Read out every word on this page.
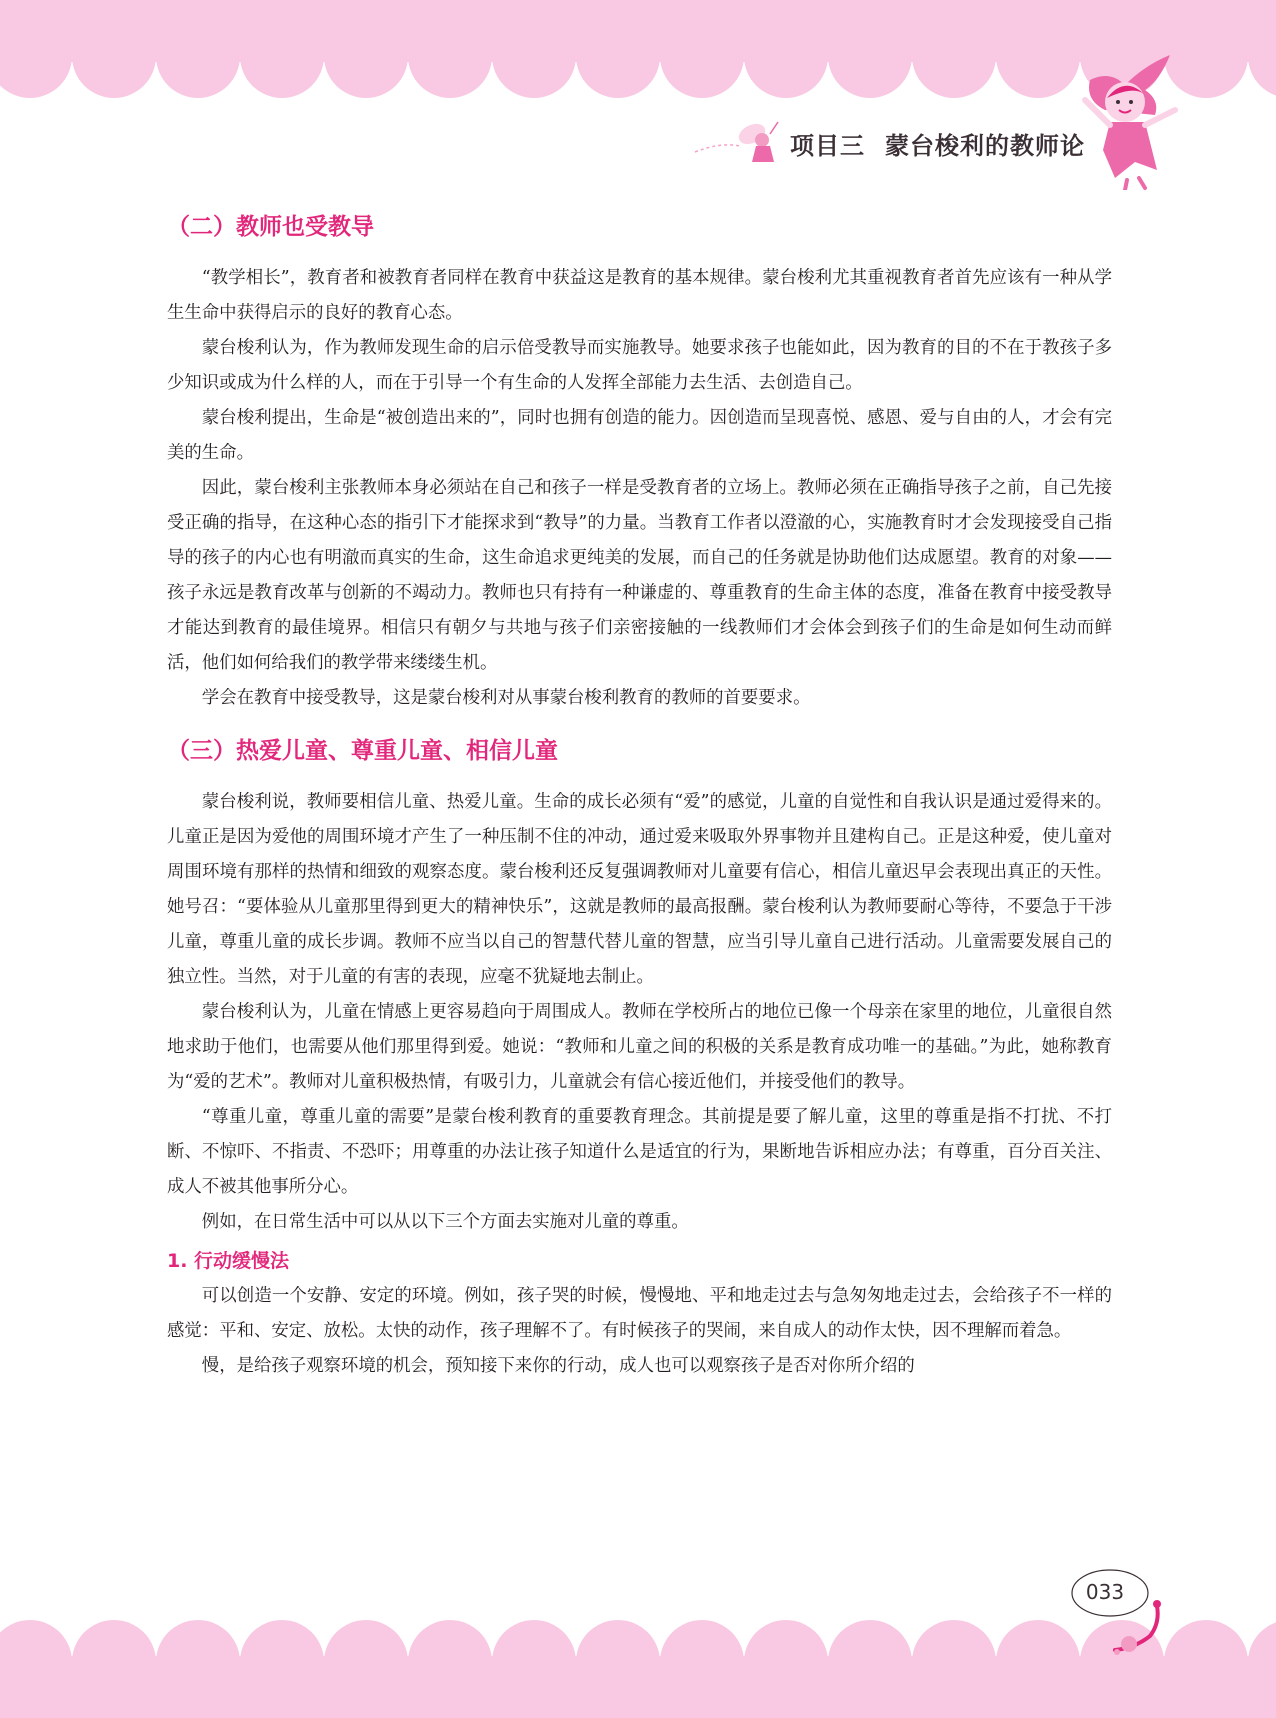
项目三 蒙台梭利的教师论
（二）教师也受教导

“教学相长”，教育者和被教育者同样在教育中获益这是教育的基本规律。蒙台梭利尤其重视教育者首先应该有一种从学生生命中获得启示的良好的教育心态。

蒙台梭利认为，作为教师发现生命的启示倍受教导而实施教导。她要求孩子也能如此，因为教育的目的不在于教孩子多少知识或成为什么样的人，而在于引导一个有生命的人发挥全部能力去生活、去创造自己。

蒙台梭利提出，生命是“被创造出来的”，同时也拥有创造的能力。因创造而呈现喜悦、感恩、爱与自由的人，才会有完美的生命。

因此，蒙台梭利主张教师本身必须站在自己和孩子一样是受教育者的立场上。教师必须在正确指导孩子之前，自己先接受正确的指导，在这种心态的指引下才能探求到“教导”的力量。当教育工作者以澄澈的心，实施教育时才会发现接受自己指导的孩子的内心也有明澈而真实的生命，这生命追求更纯美的发展，而自己的任务就是协助他们达成愿望。教育的对象——孩子永远是教育改革与创新的不竭动力。教师也只有持有一种谦虚的、尊重教育的生命主体的态度，准备在教育中接受教导才能达到教育的最佳境界。相信只有朝夕与共地与孩子们亲密接触的一线教师们才会体会到孩子们的生命是如何生动而鲜活，他们如何给我们的教学带来缕缕生机。

学会在教育中接受教导，这是蒙台梭利对从事蒙台梭利教育的教师的首要要求。

（三）热爱儿童、尊重儿童、相信儿童

蒙台梭利说，教师要相信儿童、热爱儿童。生命的成长必须有“爱”的感觉，儿童的自觉性和自我认识是通过爱得来的。儿童正是因为爱他的周围环境才产生了一种压制不住的冲动，通过爱来吸取外界事物并且建构自己。正是这种爱，使儿童对周围环境有那样的热情和细致的观察态度。蒙台梭利还反复强调教师对儿童要有信心，相信儿童迟早会表现出真正的天性。她号召：“要体验从儿童那里得到更大的精神快乐”，这就是教师的最高报酬。蒙台梭利认为教师要耐心等待，不要急于干涉儿童，尊重儿童的成长步调。教师不应当以自己的智慧代替儿童的智慧，应当引导儿童自己进行活动。儿童需要发展自己的独立性。当然，对于儿童的有害的表现，应毫不犹疑地去制止。

蒙台梭利认为，儿童在情感上更容易趋向于周围成人。教师在学校所占的地位已像一个母亲在家里的地位，儿童很自然地求助于他们，也需要从他们那里得到爱。她说：“教师和儿童之间的积极的关系是教育成功唯一的基础。”为此，她称教育为“爱的艺术”。教师对儿童积极热情，有吸引力，儿童就会有信心接近他们，并接受他们的教导。

“尊重儿童，尊重儿童的需要”是蒙台梭利教育的重要教育理念。其前提是要了解儿童，这里的尊重是指不打扰、不打断、不惊吓、不指责、不恐吓；用尊重的办法让孩子知道什么是适宜的行为，果断地告诉相应办法；有尊重，百分百关注、成人不被其他事所分心。

例如，在日常生活中可以从以下三个方面去实施对儿童的尊重。

1. 行动缓慢法

可以创造一个安静、安定的环境。例如，孩子哭的时候，慢慢地、平和地走过去与急匆匆地走过去，会给孩子不一样的感觉：平和、安定、放松。太快的动作，孩子理解不了。有时候孩子的哭闹，来自成人的动作太快，因不理解而着急。

慢，是给孩子观察环境的机会，预知接下来你的行动，成人也可以观察孩子是否对你所介绍的

033
